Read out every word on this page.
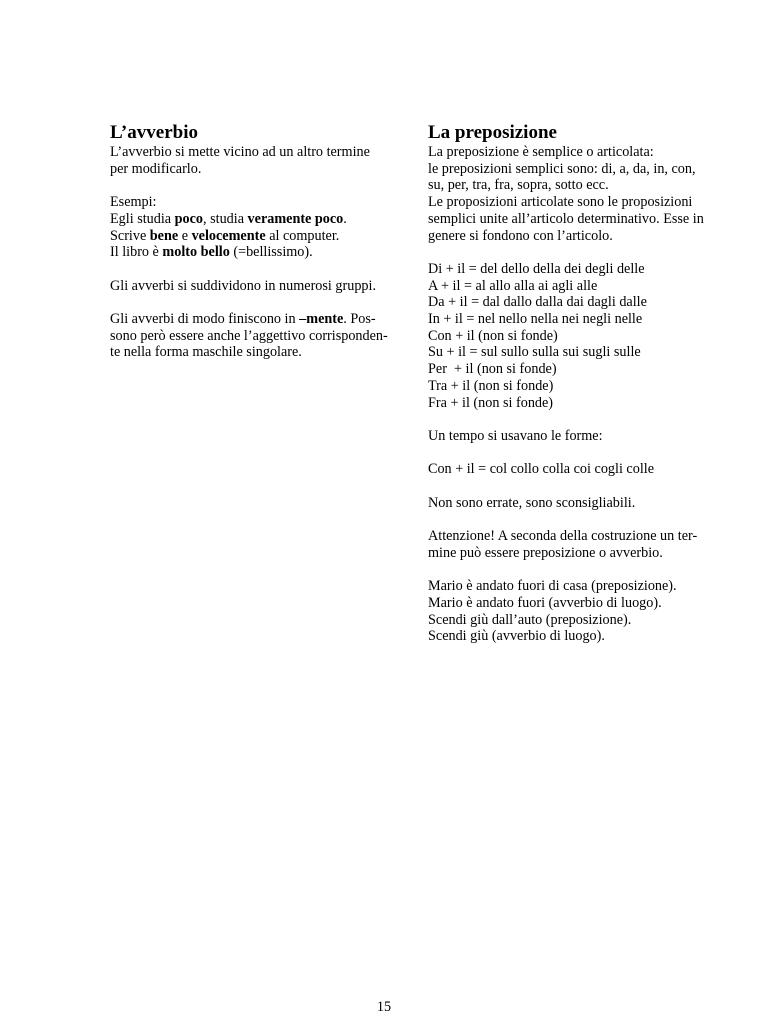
L’avverbio
L’avverbio si mette vicino ad un altro termine
per modificarlo.
Esempi:
Egli studia poco, studia veramente poco.
Scrive bene e velocemente al computer.
Il libro è molto bello (=bellissimo).
Gli avverbi si suddividono in numerosi gruppi.
Gli avverbi di modo finiscono in –mente. Pos-
sono però essere anche l’aggettivo corrisponden-
te nella forma maschile singolare.
La preposizione
La preposizione è semplice o articolata:
le preposizioni semplici sono: di, a, da, in, con,
su, per, tra, fra, sopra, sotto ecc.
Le proposizioni articolate sono le proposizioni
semplici unite all’articolo determinativo. Esse in
genere si fondono con l’articolo.
Di + il = del dello della dei degli delle
A + il = al allo alla ai agli alle
Da + il = dal dallo dalla dai dagli dalle
In + il = nel nello nella nei negli nelle
Con + il (non si fonde)
Su + il = sul sullo sulla sui sugli sulle
Per  + il (non si fonde)
Tra + il (non si fonde)
Fra + il (non si fonde)
Un tempo si usavano le forme:
Con + il = col collo colla coi cogli colle
Non sono errate, sono sconsigliabili.
Attenzione! A seconda della costruzione un ter-
mine può essere preposizione o avverbio.
Mario è andato fuori di casa (preposizione).
Mario è andato fuori (avverbio di luogo).
Scendi giù dall’auto (preposizione).
Scendi giù (avverbio di luogo).
15
